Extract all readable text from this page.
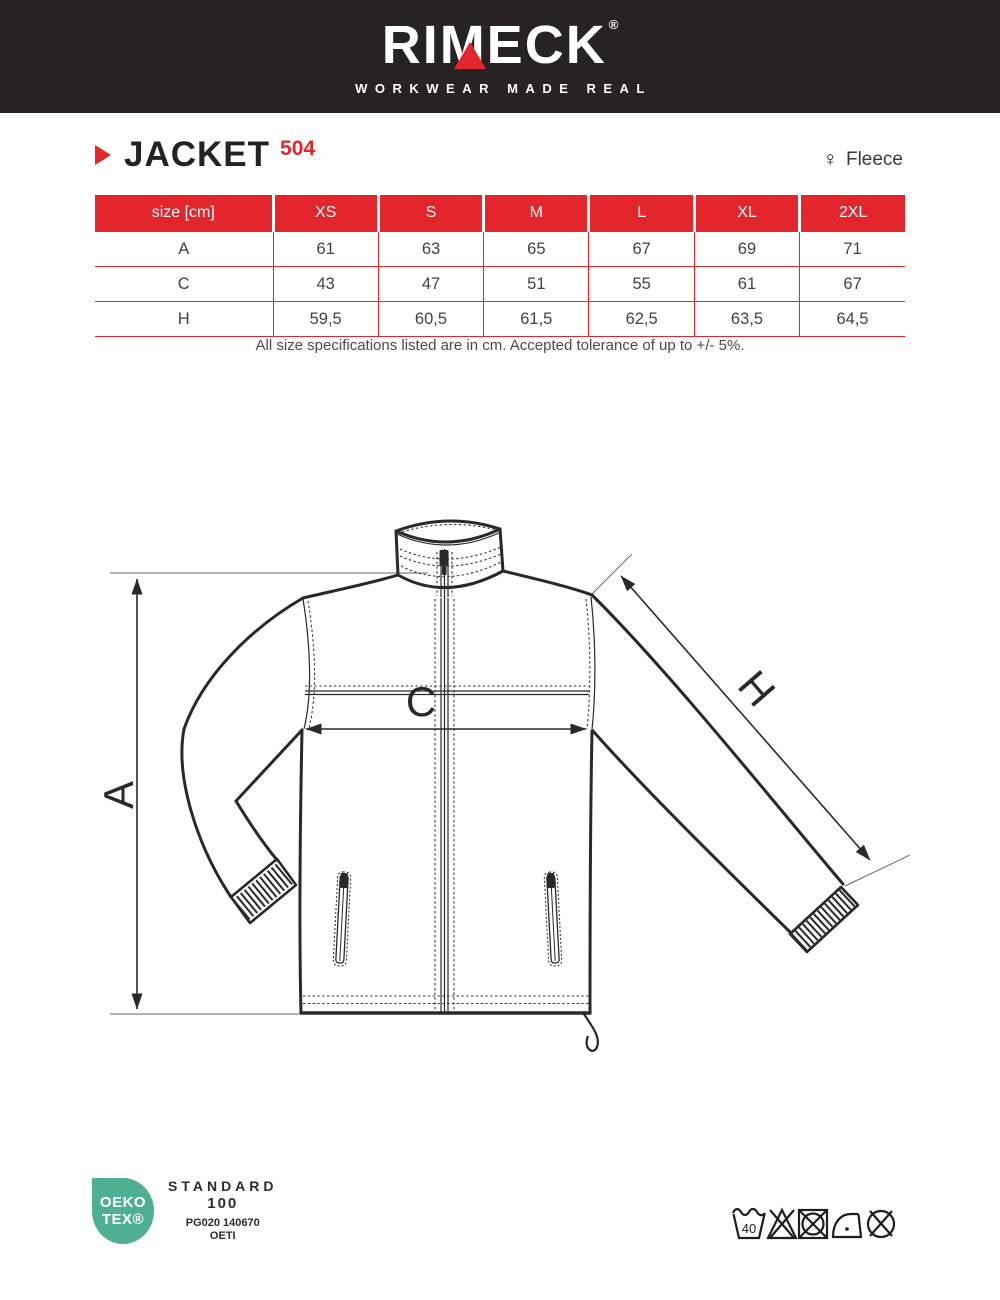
RIMECK ®
WORKWEAR MADE REAL
JACKET 504	♀ Fleece
size [cm]	XS	S	M	L	XL	2XL
A	61	63	65	67	69	71
C	43	47	51	55	61	67
H	59,5	60,5	61,5	62,5	63,5	64,5
All size specifications listed are in cm. Accepted tolerance of up to +/- 5%.
A
C	H
OEKO
TEX®
STANDARD
100
PG020 140670
OETI	40
